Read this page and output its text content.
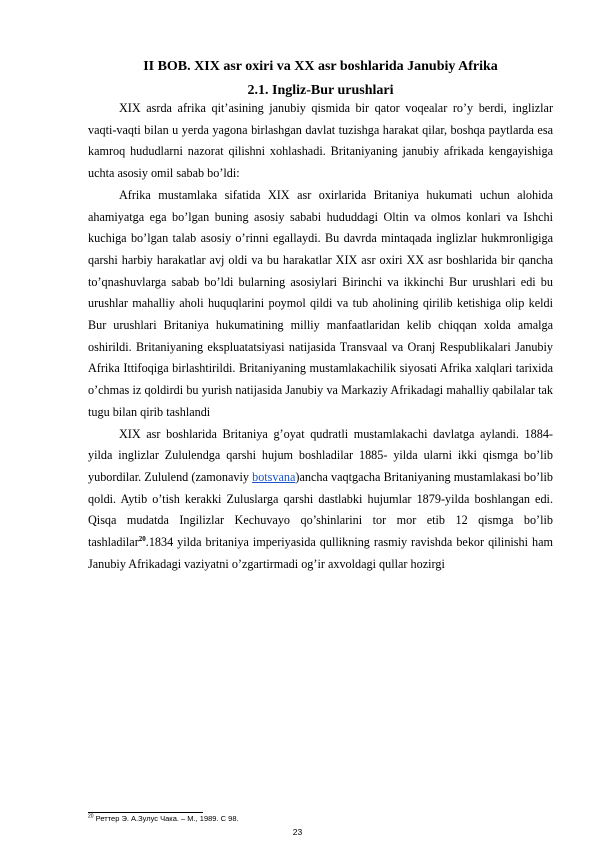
II BOB. XIX asr oxiri va XX asr boshlarida Janubiy Afrika
2.1. Ingliz-Bur urushlari

XIX asrda afrika qit’asining janubiy qismida bir qator voqealar ro’y berdi, inglizlar vaqti-vaqti bilan u yerda yagona birlashgan davlat tuzishga harakat qilar, boshqa paytlarda esa kamroq hududlarni nazorat qilishni xohlashadi. Britaniyaning janubiy afrikada kengayishiga uchta asosiy omil sabab bo’ldi:

Afrika mustamlaka sifatida XIX asr oxirlarida Britaniya hukumati uchun alohida ahamiyatga ega bo’lgan buning asosiy sababi hududdagi Oltin va olmos konlari va Ishchi kuchiga bo’lgan talab asosiy o’rinni egallaydi. Bu davrda mintaqada inglizlar hukmronligiga qarshi harbiy harakatlar avj oldi va bu harakatlar XIX asr oxiri XX asr boshlarida bir qancha to’qnashuvlarga sabab bo’ldi bularning asosiylari Birinchi va ikkinchi Bur urushlari edi bu urushlar mahalliy aholi huquqlarini poymol qildi va tub aholining qirilib ketishiga olip keldi Bur urushlari Britaniya hukumatining milliy manfaatlaridan kelib chiqqan xolda amalga oshirildi. Britaniyaning ekspluatatsiyasi natijasida Transvaal va Oranj Respublikalari Janubiy Afrika Ittifoqiga birlashtirildi. Britaniyaning mustamlakachilik siyosati Afrika xalqlari tarixida o’chmas iz qoldirdi bu yurish natijasida Janubiy va Markaziy Afrikadagi mahalliy qabilalar tak tugu bilan qirib tashlandi

XIX asr boshlarida Britaniya g’oyat qudratli mustamlakachi davlatga aylandi. 1884-yilda inglizlar Zululendga qarshi hujum boshladilar 1885- yilda ularni ikki qismga bo’lib yubordilar. Zululend (zamonaviy botsvana)ancha vaqtgacha Britaniyaning mustamlakasi bo’lib qoldi. Aytib o’tish kerakki Zuluslarga qarshi dastlabki hujumlar 1879-yilda boshlangan edi. Qisqa mudatda Ingilizlar Kechuvayo qo’shinlarini tor mor etib 12 qismga bo’lib tashladilar$^{20}$.1834 yilda britaniya imperiyasida qullikning rasmiy ravishda bekor qilinishi ham Janubiy Afrikadagi vaziyatni o’zgartirmadi og’ir axvoldagi qullar hozirgi

$^{20}$ Реттер Э. А.Зулус Чака. – М., 1989. С 98.
23
